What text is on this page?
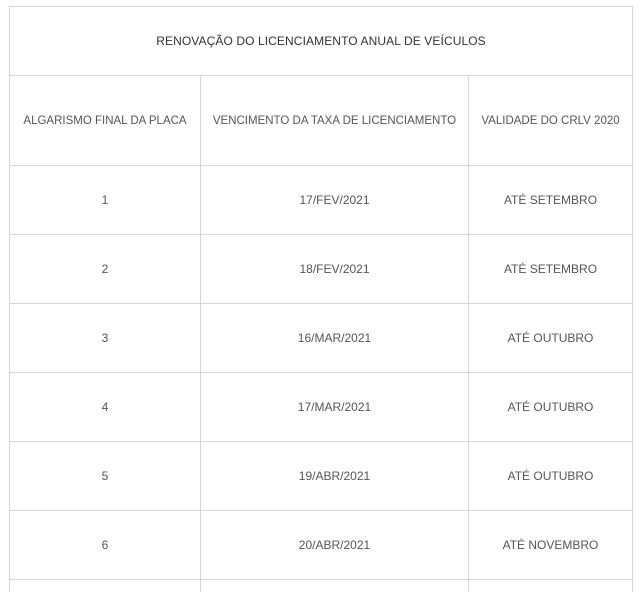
RENOVAÇÃO DO LICENCIAMENTO ANUAL DE VEÍCULOS		
ALGARISMO FINAL DA PLACA	VENCIMENTO DA TAXA DE LICENCIAMENTO	VALIDADE DO CRLV 2020
1	17/FEV/2021	ATÉ SETEMBRO
2	18/FEV/2021	ATÉ SETEMBRO
3	16/MAR/2021	ATÉ OUTUBRO
4	17/MAR/2021	ATÉ OUTUBRO
5	19/ABR/2021	ATÉ OUTUBRO
6	20/ABR/2021	ATÉ NOVEMBRO
